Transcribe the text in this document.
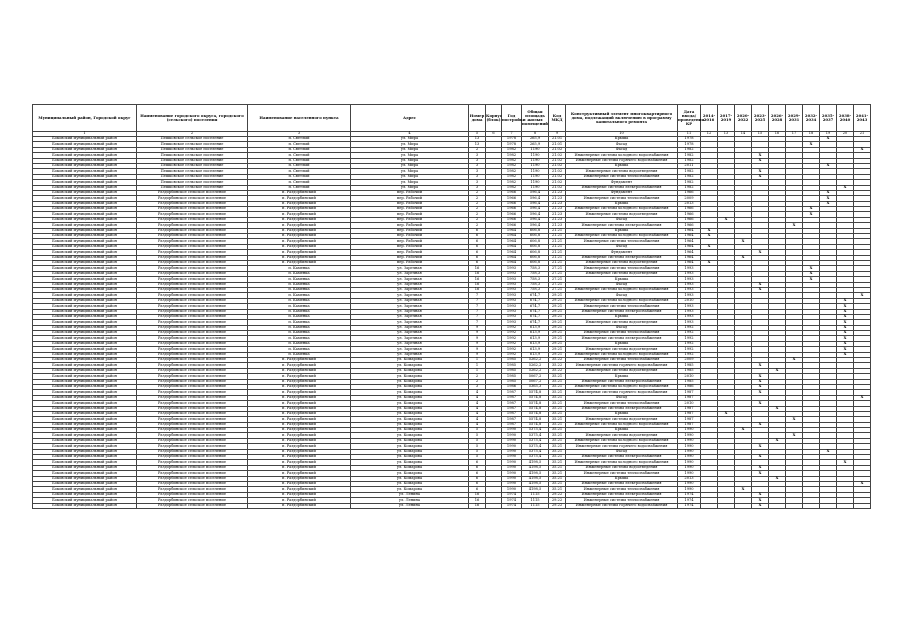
Муниципальный район, Городской округ	Наименование городского округа, городского (сельского) поселения	Наименование населенного пункта	Адрес	Номер дома	Корпус (блок)	Год постройки	Общая площадь жилых помещений	Код МКД	Конструктивный элемент многоквартирного дома, подлежащий включению в программу капитального ремонта	Дата ввода/ проведения КР	2014-2016	2017-2019	2020-2022	2023-2025	2026-2028	2029-2031	2032-2034	2035-2037	2038-2040	2041-2043
1	2	3	4	5	6	7	8	9	10	11	12	13	14	15	16	17	18	19	20	21
Боковский муниципальный район	Пешковское сельское поселение	п. Светлый	ул. Мира	13		1978	265,9	21.01	Крыша	1978								X		
Боковский муниципальный район	Пешковское сельское поселение	п. Светлый	ул. Мира	13		1978	265,9	21.01	Фасад	1978							X			
Боковский муниципальный район	Пешковское сельское поселение	п. Светлый	ул. Мира	2		1982	1190	21.02	Фасад	1982										X
Боковский муниципальный район	Пешковское сельское поселение	п. Светлый	ул. Мира	3		1982	1190	21.02	Инженерные системы холодного водоснабжения	1982				X						
Боковский муниципальный район	Пешковское сельское поселение	п. Светлый	ул. Мира	3		1982	1190	21.02	Инженерные системы горячего водоснабжения	1982				X						
Боковский муниципальный район	Пешковское сельское поселение	п. Светлый	ул. Мира	3		1982	1190	21.02	Крыша	2011								X		
Боковский муниципальный район	Пешковское сельское поселение	п. Светлый	ул. Мира	3		1982	1190	21.02	Инженерные системы водоотведения	1982				X						
Боковский муниципальный район	Пешковское сельское поселение	п. Светлый	ул. Мира	3		1982	1190	21.02	Инженерные системы теплоснабжения	1982				X						
Боковский муниципальный район	Пешковское сельское поселение	п. Светлый	ул. Мира	3		1982	1190	21.02	Фундамент	1982										
Боковский муниципальный район	Пешковское сельское поселение	п. Светлый	ул. Мира	3		1982	1190	21.02	Инженерные системы электроснабжения	1982									X	
Боковский муниципальный район	Раздорбинское сельское поселение	п. Раздорбинский	пер. Рабочий	2		1966	596,4	21.23	Фундамент	1966								X		
Боковский муниципальный район	Раздорбинское сельское поселение	п. Раздорбинский	пер. Рабочий	2		1966	596,4	21.23	Инженерные системы теплоснабжения	2009								X		
Боковский муниципальный район	Раздорбинское сельское поселение	п. Раздорбинский	пер. Рабочий	2		1966	596,4	21.23	Крыша	2013								X		
Боковский муниципальный район	Раздорбинское сельское поселение	п. Раздорбинский	пер. Рабочий	2		1966	596,4	21.23	Инженерные системы холодного водоснабжения	1966							X			
Боковский муниципальный район	Раздорбинское сельское поселение	п. Раздорбинский	пер. Рабочий	2		1966	596,4	21.23	Инженерные системы водоотведения	1966							X			
Боковский муниципальный район	Раздорбинское сельское поселение	п. Раздорбинский	пер. Рабочий	2		1966	596,4	21.23	Фасад	1966		X								
Боковский муниципальный район	Раздорбинское сельское поселение	п. Раздорбинский	пер. Рабочий	2		1966	596,4	21.23	Инженерные системы электроснабжения	1966						X				
Боковский муниципальный район	Раздорбинское сельское поселение	п. Раздорбинский	пер. Рабочий	6		1964	606,8	21.21	Крыша	1964	X									
Боковский муниципальный район	Раздорбинское сельское поселение	п. Раздорбинский	пер. Рабочий	6		1964	606,8	21.21	Инженерные системы холодного водоснабжения	1964	X									
Боковский муниципальный район	Раздорбинское сельское поселение	п. Раздорбинский	пер. Рабочий	6		1964	606,8	21.21	Инженерные системы теплоснабжения	1964			X							
Боковский муниципальный район	Раздорбинское сельское поселение	п. Раздорбинский	пер. Рабочий	6		1964	606,8	21.21	Фасад	1964	X									
Боковский муниципальный район	Раздорбинское сельское поселение	п. Раздорбинский	пер. Рабочий	6		1964	606,8	21.21	Фундамент	1964				X						
Боковский муниципальный район	Раздорбинское сельское поселение	п. Раздорбинский	пер. Рабочий	6		1964	606,8	21.21	Инженерные системы электроснабжения	1964			X							
Боковский муниципальный район	Раздорбинское сельское поселение	п. Раздорбинский	пер. Рабочий	6		1964	606,8	21.21	Инженерные системы водоотведения	1964	X									
Боковский муниципальный район	Раздорбинское сельское поселение	п. Каменка	ул. Заречная	16		1993	758,3	27.21	Инженерные системы теплоснабжения	1993							X			
Боковский муниципальный район	Раздорбинское сельское поселение	п. Каменка	ул. Заречная	16		1993	758,3	27.21	Инженерные системы водоотведения	1993							X			
Боковский муниципальный район	Раздорбинское сельское поселение	п. Каменка	ул. Заречная	16		1993	758,3	27.21	Крыша	1993							X			
Боковский муниципальный район	Раздорбинское сельское поселение	п. Каменка	ул. Заречная	16		1993	758,3	27.21	Фасад	1993				X						
Боковский муниципальный район	Раздорбинское сельское поселение	п. Каменка	ул. Заречная	16		1993	758,3	27.21	Инженерные системы холодного водоснабжения	1993				X						
Боковский муниципальный район	Раздорбинское сельское поселение	п. Каменка	ул. Заречная	7		1993	674,7	29.21	Фасад	1993										X
Боковский муниципальный район	Раздорбинское сельское поселение	п. Каменка	ул. Заречная	7		1993	674,7	29.21	Инженерные системы холодного водоснабжения	2010									X	
Боковский муниципальный район	Раздорбинское сельское поселение	п. Каменка	ул. Заречная	7		1993	674,7	29.21	Инженерные системы теплоснабжения	1993									X	
Боковский муниципальный район	Раздорбинское сельское поселение	п. Каменка	ул. Заречная	7		1993	674,7	29.21	Инженерные системы электроснабжения	1993									X	
Боковский муниципальный район	Раздорбинское сельское поселение	п. Каменка	ул. Заречная	7		1993	674,7	29.21	Крыша	1993									X	
Боковский муниципальный район	Раздорбинское сельское поселение	п. Каменка	ул. Заречная	7		1993	674,7	29.21	Инженерные системы водоотведения	1993									X	
Боковский муниципальный район	Раздорбинское сельское поселение	п. Каменка	ул. Заречная	9		1992	613,9	29.21	Фасад	1992									X	
Боковский муниципальный район	Раздорбинское сельское поселение	п. Каменка	ул. Заречная	9		1992	613,9	29.21	Инженерные системы теплоснабжения	1992									X	
Боковский муниципальный район	Раздорбинское сельское поселение	п. Каменка	ул. Заречная	9		1992	613,9	29.21	Инженерные системы электроснабжения	1992									X	
Боковский муниципальный район	Раздорбинское сельское поселение	п. Каменка	ул. Заречная	9		1992	613,9	29.21	Крыша	1992									X	
Боковский муниципальный район	Раздорбинское сельское поселение	п. Каменка	ул. Заречная	9		1992	613,9	29.21	Инженерные системы водоотведения	1992									X	
Боковский муниципальный район	Раздорбинское сельское поселение	п. Каменка	ул. Заречная	9		1992	613,9	29.21	Инженерные системы холодного водоснабжения	1992									X	
Боковский муниципальный район	Раздорбинское сельское поселение	п. Раздорбинский	ул. Комарова	1		1985	5262,2	35.22	Инженерные системы теплоснабжения	2009						X				
Боковский муниципальный район	Раздорбинское сельское поселение	п. Раздорбинский	ул. Комарова	1		1985	5262,2	35.22	Инженерные системы горячего водоснабжения	1985				X						
Боковский муниципальный район	Раздорбинское сельское поселение	п. Раздорбинский	ул. Комарова	1		1985	5262,2	35.22	Инженерные системы водоотведения	1985					X					
Боковский муниципальный район	Раздорбинское сельское поселение	п. Раздорбинский	ул. Комарова	2		1985	5067,2	35.21	Крыша	2010				X						
Боковский муниципальный район	Раздорбинское сельское поселение	п. Раздорбинский	ул. Комарова	2		1985	5067,2	35.21	Инженерные системы электроснабжения	1985				X						
Боковский муниципальный район	Раздорбинское сельское поселение	п. Раздорбинский	ул. Комарова	3		1986	5365,3	35.21	Инженерные системы холодного водоснабжения	1986				X						
Боковский муниципальный район	Раздорбинское сельское поселение	п. Раздорбинский	ул. Комарова	4		1987	5574,8	35.21	Инженерные системы горячего водоснабжения	1987				X						
Боковский муниципальный район	Раздорбинское сельское поселение	п. Раздорбинский	ул. Комарова	4		1987	5574,8	35.21	Фасад	1987										X
Боковский муниципальный район	Раздорбинское сельское поселение	п. Раздорбинский	ул. Комарова	4		1987	5574,8	35.21	Инженерные системы теплоснабжения	2010				X						
Боковский муниципальный район	Раздорбинское сельское поселение	п. Раздорбинский	ул. Комарова	4		1987	5574,8	35.21	Инженерные системы электроснабжения	1987					X					
Боковский муниципальный район	Раздорбинское сельское поселение	п. Раздорбинский	ул. Комарова	4		1987	5574,8	35.21	Крыша	1987		X								
Боковский муниципальный район	Раздорбинское сельское поселение	п. Раздорбинский	ул. Комарова	4		1987	5574,8	35.21	Инженерные системы водоотведения	1987						X				
Боковский муниципальный район	Раздорбинское сельское поселение	п. Раздорбинский	ул. Комарова	4		1987	5574,8	35.21	Инженерные системы холодного водоснабжения	1987				X						
Боковский муниципальный район	Раздорбинское сельское поселение	п. Раздорбинский	ул. Комарова	5		1990	5375,4	35.21	Крыша	1990			X							
Боковский муниципальный район	Раздорбинское сельское поселение	п. Раздорбинский	ул. Комарова	5		1990	5375,4	35.21	Инженерные системы водоотведения	1990						X				
Боковский муниципальный район	Раздорбинское сельское поселение	п. Раздорбинский	ул. Комарова	5		1990	5375,4	35.21	Инженерные системы холодного водоснабжения	1990					X					
Боковский муниципальный район	Раздорбинское сельское поселение	п. Раздорбинский	ул. Комарова	5		1990	5375,4	35.21	Инженерные системы горячего водоснабжения	1990				X						
Боковский муниципальный район	Раздорбинское сельское поселение	п. Раздорбинский	ул. Комарова	5		1990	5375,4	35.21	Фасад	1990								X		
Боковский муниципальный район	Раздорбинское сельское поселение	п. Раздорбинский	ул. Комарова	5		1990	5375,4	35.21	Инженерные системы электроснабжения	1990				X						
Боковский муниципальный район	Раздорбинское сельское поселение	п. Раздорбинский	ул. Комарова	6		1990	4198,5	35.21	Инженерные системы холодного водоснабжения	1990									X	
Боковский муниципальный район	Раздорбинское сельское поселение	п. Раздорбинский	ул. Комарова	6		1990	4198,5	35.21	Инженерные системы водоотведения	1990				X						
Боковский муниципальный район	Раздорбинское сельское поселение	п. Раздорбинский	ул. Комарова	6		1990	4198,5	35.21	Инженерные системы теплоснабжения	1990				X						
Боковский муниципальный район	Раздорбинское сельское поселение	п. Раздорбинский	ул. Комарова	6		1990	4198,5	35.21	Крыша	2013					X					
Боковский муниципальный район	Раздорбинское сельское поселение	п. Раздорбинский	ул. Комарова	6		1990	4198,5	35.21	Инженерные системы электроснабжения	1990										X
Боковский муниципальный район	Раздорбинское сельское поселение	п. Раздорбинский	ул. Комарова	6		1990	4198,5	35.21	Инженерные системы теплоснабжения	1990			X							
Боковский муниципальный район	Раздорбинское сельское поселение	п. Раздорбинский	ул. Ленина	16		1974	1115	29.22	Инженерные системы электроснабжения	1974				X						
Боковский муниципальный район	Раздорбинское сельское поселение	п. Раздорбинский	ул. Ленина	16		1974	1115	29.22	Инженерные системы теплоснабжения	1974				X						
Боковский муниципальный район	Раздорбинское сельское поселение	п. Раздорбинский	ул. Ленина	16		1974	1115	29.22	Инженерные системы горячего водоснабжения	1974				X						
